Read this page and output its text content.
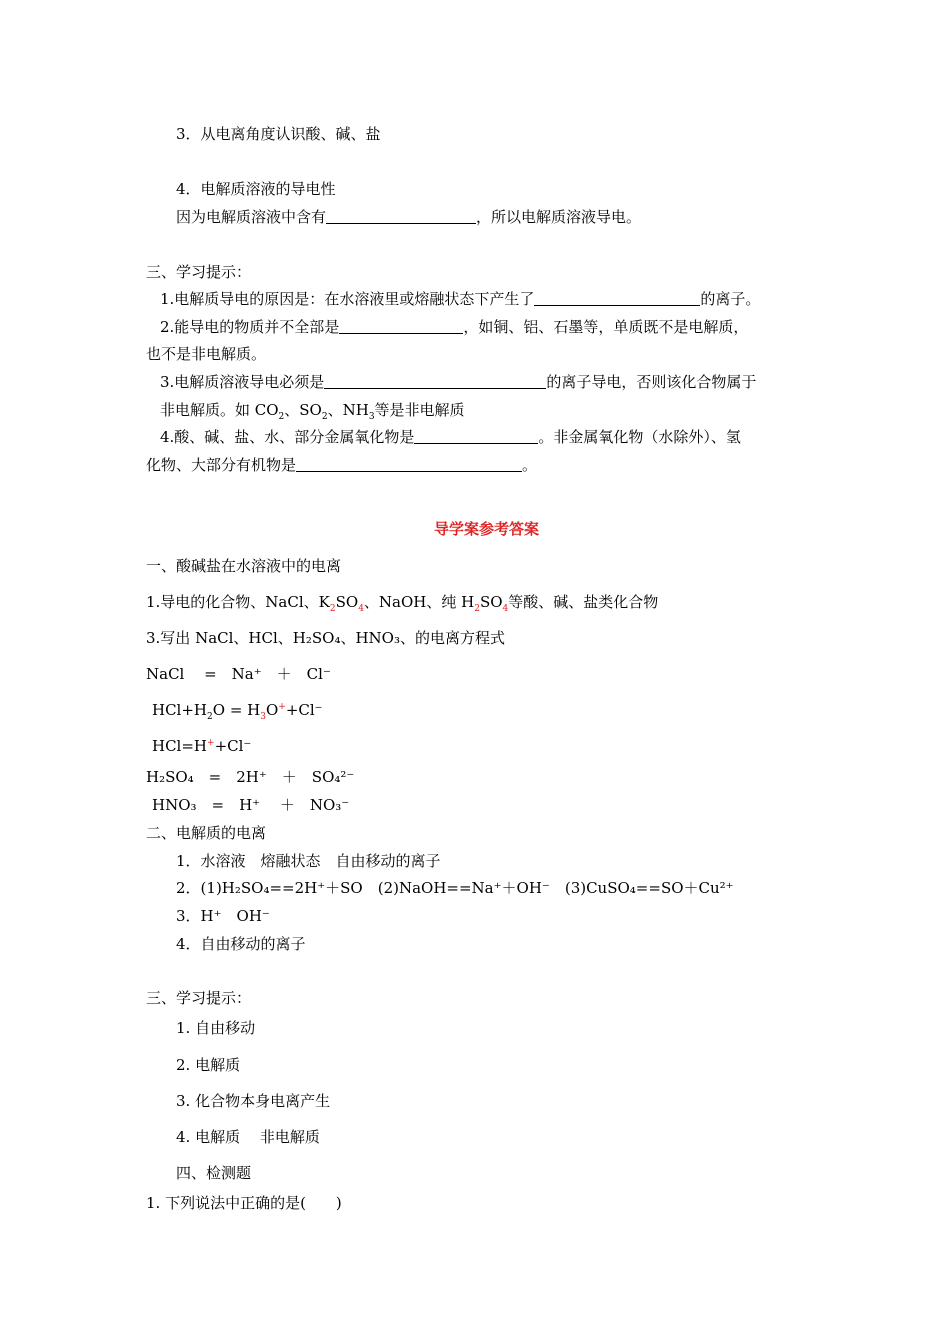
3．从电离角度认识酸、碱、盐
4．电解质溶液的导电性
因为电解质溶液中含有	，所以电解质溶液导电。
三、学习提示：
1.电解质导电的原因是：在水溶液里或熔融状态下产生了	的离子。
2.能导电的物质并不全部是	，如铜、铝、石墨等，单质既不是电解质，
也不是非电解质。
3.电解质溶液导电必须是	的离子导电，否则该化合物属于
非电解质。如 $CO_2$、$SO_2$、$NH_3$等是非电解质
4.酸、碱、盐、水、部分金属氧化物是	。非金属氧化物（水除外）、氢
化物、大部分有机物是	。
导学案参考答案
一、酸碱盐在水溶液中的电离
1.导电的化合物、NaCl、$K_2SO_4$、NaOH、纯 $H_2SO_4$等酸、碱、盐类化合物
3.写出 NaCl、HCl、H₂SO₄、HNO₃、的电离方程式
NaCl　 =　Na⁺　＋　Cl⁻
$HCl+H_2O = H_3O^++Cl^-$
HCl=H++Cl⁻
H₂SO₄　=　2H⁺　＋　SO₄²⁻
HNO₃　=　H⁺　 ＋　NO₃⁻
二、电解质的电离
1．水溶液　熔融状态　自由移动的离子
2．(1)H₂SO₄==2H⁺＋SO　(2)NaOH==Na⁺＋OH⁻　(3)CuSO₄==SO＋Cu²⁺
3．H⁺　OH⁻
4．自由移动的离子
三、学习提示：
1. 自由移动
2. 电解质
3. 化合物本身电离产生
4. 电解质　 非电解质
四、检测题
1. 下列说法中正确的是(　　)
